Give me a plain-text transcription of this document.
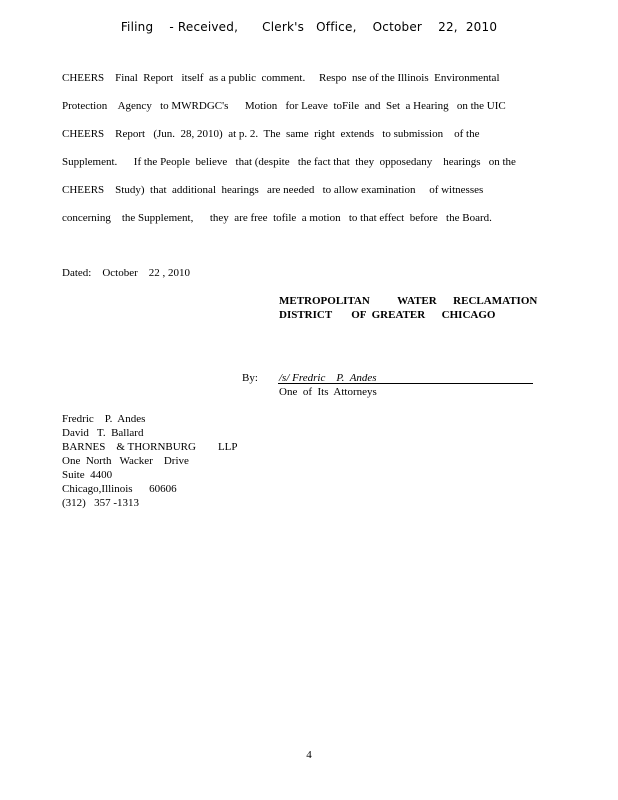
Filing    - Received,      Clerk's   Office,    October    22,  2010
CHEERS    Final  Report   itself  as a public  comment.     Respo  nse of the Illinois  Environmental
Protection    Agency   to MWRDGC's      Motion   for Leave  toFile  and  Set  a Hearing   on the UIC
CHEERS    Report   (Jun.  28, 2010)  at p. 2.  The  same  right  extends   to submission    of the
Supplement.      If the People  believe   that (despite   the fact that  they  opposedany    hearings   on the
CHEERS    Study)  that  additional  hearings   are needed   to allow examination     of witnesses
concerning    the Supplement,      they  are free  tofile  a motion   to that effect  before   the Board.
Dated:    October    22 , 2010
METROPOLITAN          WATER      RECLAMATION
DISTRICT       OF  GREATER      CHICAGO
By: /s/ Fredric    P.  Andes
One  of  Its  Attorneys
Fredric    P.  Andes
David   T.  Ballard
BARNES    & THORNBURG        LLP
One  North   Wacker    Drive
Suite  4400
Chicago,Illinois      60606
(312)   357 -1313
4
